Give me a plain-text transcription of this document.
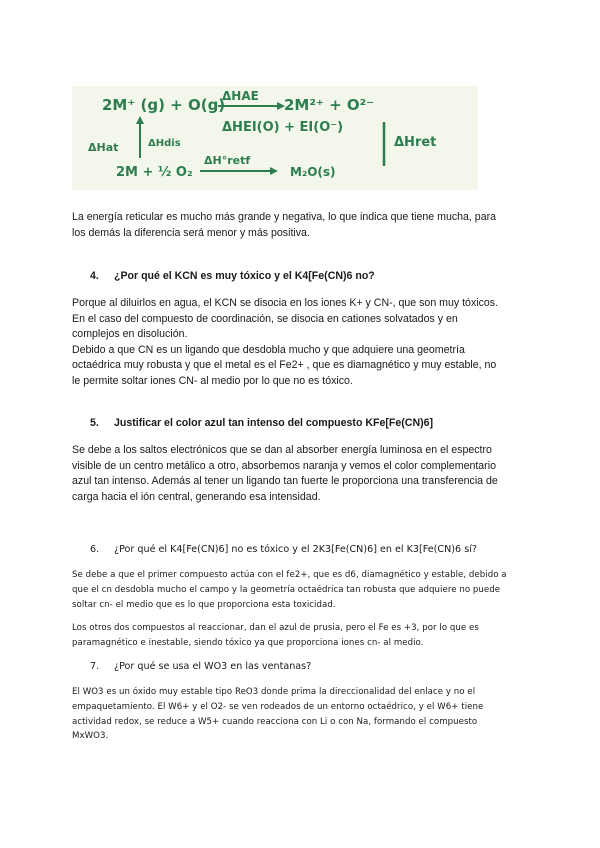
2M⁺ (g) + O(g)
ΔHAE 2M²⁺ + O²⁻
ΔHEI(O) + EI(O⁻)
ΔHat	ΔHdis	ΔHret
2M + ½ O₂
ΔH°retf
M₂O(s)
La energía reticular es mucho más grande y negativa, lo que indica que tiene mucha, para
los demás la diferencia será menor y más positiva.
4. ¿Por qué el KCN es muy tóxico y el K4[Fe(CN)6 no?
Porque al diluirlos en agua, el KCN se disocia en los iones K+ y CN-, que son muy tóxicos.
En el caso del compuesto de coordinación, se disocia en cationes solvatados y en
complejos en disolución.
Debido a que CN es un ligando que desdobla mucho y que adquiere una geometría
octaédrica muy robusta y que el metal es el Fe2+ , que es diamagnético y muy estable, no
le permite soltar iones CN- al medio por lo que no es tóxico.
5. Justificar el color azul tan intenso del compuesto KFe[Fe(CN)6]
Se debe a los saltos electrónicos que se dan al absorber energía luminosa en el espectro
visible de un centro metálico a otro, absorbemos naranja y vemos el color complementario
azul tan intenso. Además al tener un ligando tan fuerte le proporciona una transferencia de
carga hacia el ión central, generando esa intensidad.
6. ¿Por qué el K4[Fe(CN)6] no es tóxico y el 2K3[Fe(CN)6] en el K3[Fe(CN)6 sí?
Se debe a que el primer compuesto actúa con el fe2+, que es d6, diamagnético y estable, debido a
que el cn desdobla mucho el campo y la geometría octaédrica tan robusta que adquiere no puede
soltar cn- el medio que es lo que proporciona esta toxicidad.
Los otros dos compuestos al reaccionar, dan el azul de prusia, pero el Fe es +3, por lo que es
paramagnético e inestable, siendo tóxico ya que proporciona iones cn- al medio.
7. ¿Por qué se usa el WO3 en las ventanas?
El WO3 es un óxido muy estable tipo ReO3 donde prima la direccionalidad del enlace y no el
empaquetamiento. El W6+ y el O2- se ven rodeados de un entorno octaédrico, y el W6+ tiene
actividad redox, se reduce a W5+ cuando reacciona con Li o con Na, formando el compuesto
MxWO3.
